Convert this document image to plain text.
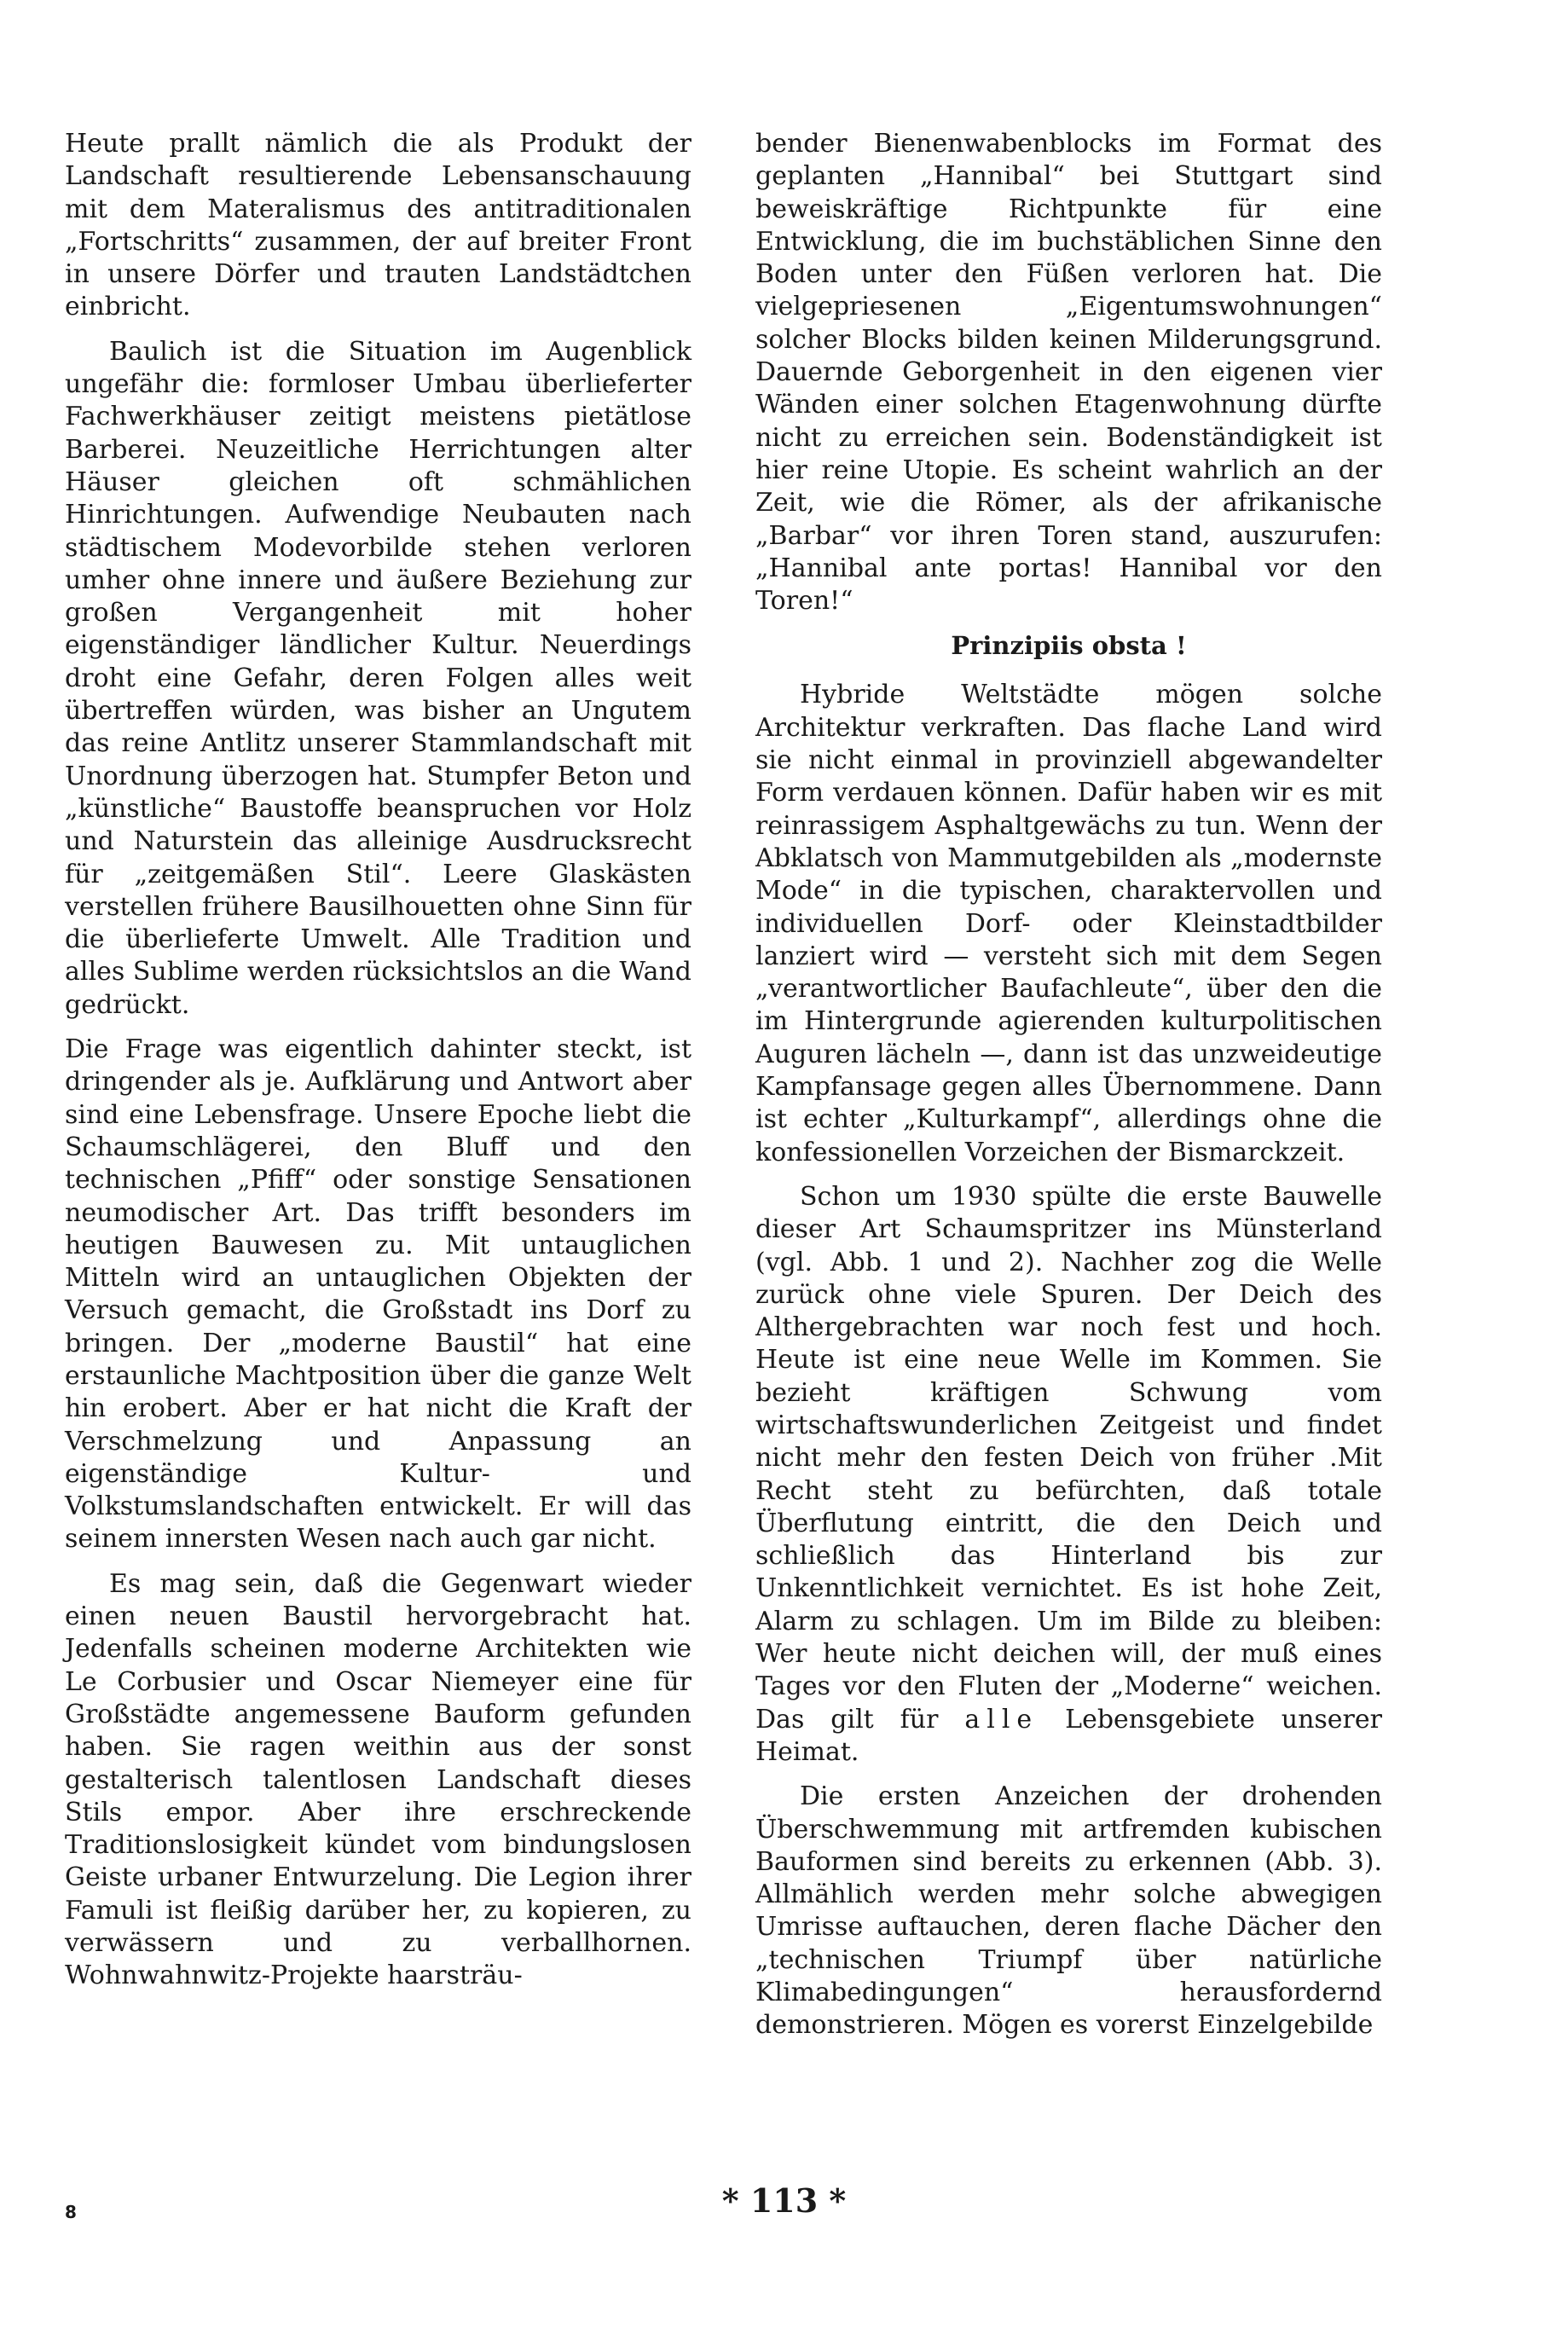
Heute prallt nämlich die als Produkt der Landschaft resultierende Lebensanschauung mit dem Materalismus des antitraditionalen „Fortschritts“ zusammen, der auf breiter Front in unsere Dörfer und trauten Landstädtchen einbricht.

Baulich ist die Situation im Augenblick ungefähr die: formloser Umbau überlieferter Fachwerkhäuser zeitigt meistens pietätlose Barberei. Neuzeitliche Herrichtungen alter Häuser gleichen oft schmählichen Hinrichtungen. Aufwendige Neubauten nach städtischem Modevorbilde stehen verloren umher ohne innere und äußere Beziehung zur großen Vergangenheit mit hoher eigenständiger ländlicher Kultur. Neuerdings droht eine Gefahr, deren Folgen alles weit übertreffen würden, was bisher an Ungutem das reine Antlitz unserer Stammlandschaft mit Unordnung überzogen hat. Stumpfer Beton und „künstliche“ Baustoffe beanspruchen vor Holz und Naturstein das alleinige Ausdrucksrecht für „zeitgemäßen Stil“. Leere Glaskästen verstellen frühere Bausilhouetten ohne Sinn für die überlieferte Umwelt. Alle Tradition und alles Sublime werden rücksichtslos an die Wand gedrückt.

Die Frage was eigentlich dahinter steckt, ist dringender als je. Aufklärung und Antwort aber sind eine Lebensfrage. Unsere Epoche liebt die Schaumschlägerei, den Bluff und den technischen „Pfiff“ oder sonstige Sensationen neumodischer Art. Das trifft besonders im heutigen Bauwesen zu. Mit untauglichen Mitteln wird an untauglichen Objekten der Versuch gemacht, die Großstadt ins Dorf zu bringen. Der „moderne Baustil“ hat eine erstaunliche Machtposition über die ganze Welt hin erobert. Aber er hat nicht die Kraft der Verschmelzung und Anpassung an eigenständige Kultur- und Volkstumslandschaften entwickelt. Er will das seinem innersten Wesen nach auch gar nicht.

Es mag sein, daß die Gegenwart wieder einen neuen Baustil hervorgebracht hat. Jedenfalls scheinen moderne Architekten wie Le Corbusier und Oscar Niemeyer eine für Großstädte angemessene Bauform gefunden haben. Sie ragen weithin aus der sonst gestalterisch talentlosen Landschaft dieses Stils empor. Aber ihre erschreckende Traditionslosigkeit kündet vom bindungslosen Geiste urbaner Entwurzelung. Die Legion ihrer Famuli ist fleißig darüber her, zu kopieren, zu verwässern und zu verballhornen. Wohnwahnwitz-Projekte haarsträu-

bender Bienenwabenblocks im Format des geplanten „Hannibal“ bei Stuttgart sind beweiskräftige Richtpunkte für eine Entwicklung, die im buchstäblichen Sinne den Boden unter den Füßen verloren hat. Die vielgepriesenen „Eigentumswohnungen“ solcher Blocks bilden keinen Milderungsgrund. Dauernde Geborgenheit in den eigenen vier Wänden einer solchen Etagenwohnung dürfte nicht zu erreichen sein. Bodenständigkeit ist hier reine Utopie. Es scheint wahrlich an der Zeit, wie die Römer, als der afrikanische „Barbar“ vor ihren Toren stand, auszurufen: „Hannibal ante portas! Hannibal vor den Toren!“

Prinzipiis obsta !

Hybride Weltstädte mögen solche Architektur verkraften. Das flache Land wird sie nicht einmal in provinziell abgewandelter Form verdauen können. Dafür haben wir es mit reinrassigem Asphaltgewächs zu tun. Wenn der Abklatsch von Mammutgebilden als „modernste Mode“ in die typischen, charaktervollen und individuellen Dorf- oder Kleinstadtbilder lanziert wird — versteht sich mit dem Segen „verantwortlicher Baufachleute“, über den die im Hintergrunde agierenden kulturpolitischen Auguren lächeln —, dann ist das unzweideutige Kampfansage gegen alles Übernommene. Dann ist echter „Kulturkampf“, allerdings ohne die konfessionellen Vorzeichen der Bismarckzeit.

Schon um 1930 spülte die erste Bauwelle dieser Art Schaumspritzer ins Münsterland (vgl. Abb. 1 und 2). Nachher zog die Welle zurück ohne viele Spuren. Der Deich des Althergebrachten war noch fest und hoch. Heute ist eine neue Welle im Kommen. Sie bezieht kräftigen Schwung vom wirtschaftswunderlichen Zeitgeist und findet nicht mehr den festen Deich von früher .Mit Recht steht zu befürchten, daß totale Überflutung eintritt, die den Deich und schließlich das Hinterland bis zur Unkenntlichkeit vernichtet. Es ist hohe Zeit, Alarm zu schlagen. Um im Bilde zu bleiben: Wer heute nicht deichen will, der muß eines Tages vor den Fluten der „Moderne“ weichen. Das gilt für alle Lebensgebiete unserer Heimat.

Die ersten Anzeichen der drohenden Überschwemmung mit artfremden kubischen Bauformen sind bereits zu erkennen (Abb. 3). Allmählich werden mehr solche abwegigen Umrisse auftauchen, deren flache Dächer den „technischen Triumpf über natürliche Klimabedingungen“ herausfordernd demonstrieren. Mögen es vorerst Einzelgebilde

8	* 113 *
